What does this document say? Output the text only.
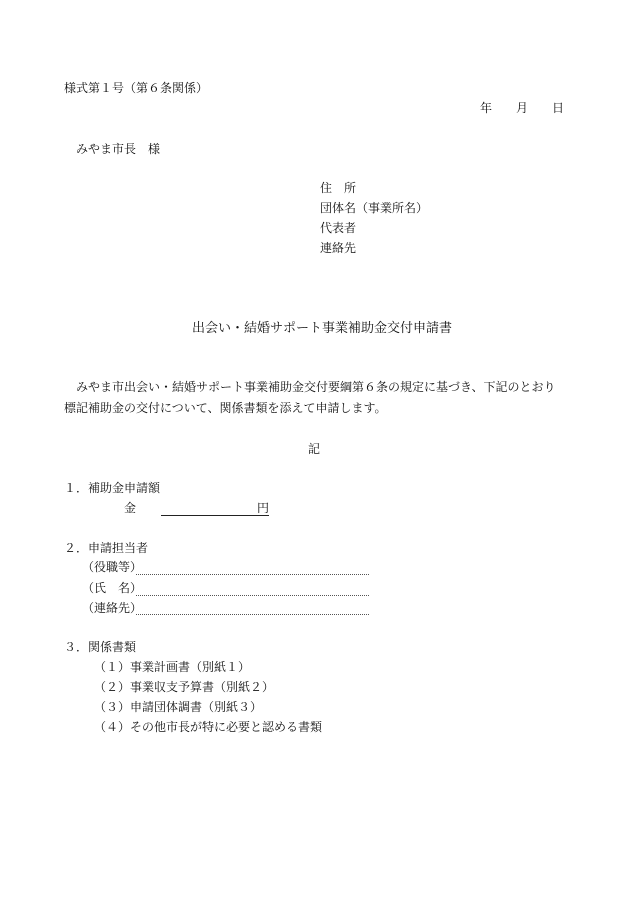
様式第１号（第６条関係）
年 月 日
みやま市長　様
住　所
団体名（事業所名）
代表者
連絡先
出会い・結婚サポート事業補助金交付申請書
みやま市出会い・結婚サポート事業補助金交付要綱第６条の規定に基づき、下記のとおり
標記補助金の交付について、関係書類を添えて申請します。
記
１．補助金申請額
金	円
２．申請担当者
（役職等）
（氏　名）
（連絡先）
３．関係書類
（１）事業計画書（別紙１）
（２）事業収支予算書（別紙２）
（３）申請団体調書（別紙３）
（４）その他市長が特に必要と認める書類
